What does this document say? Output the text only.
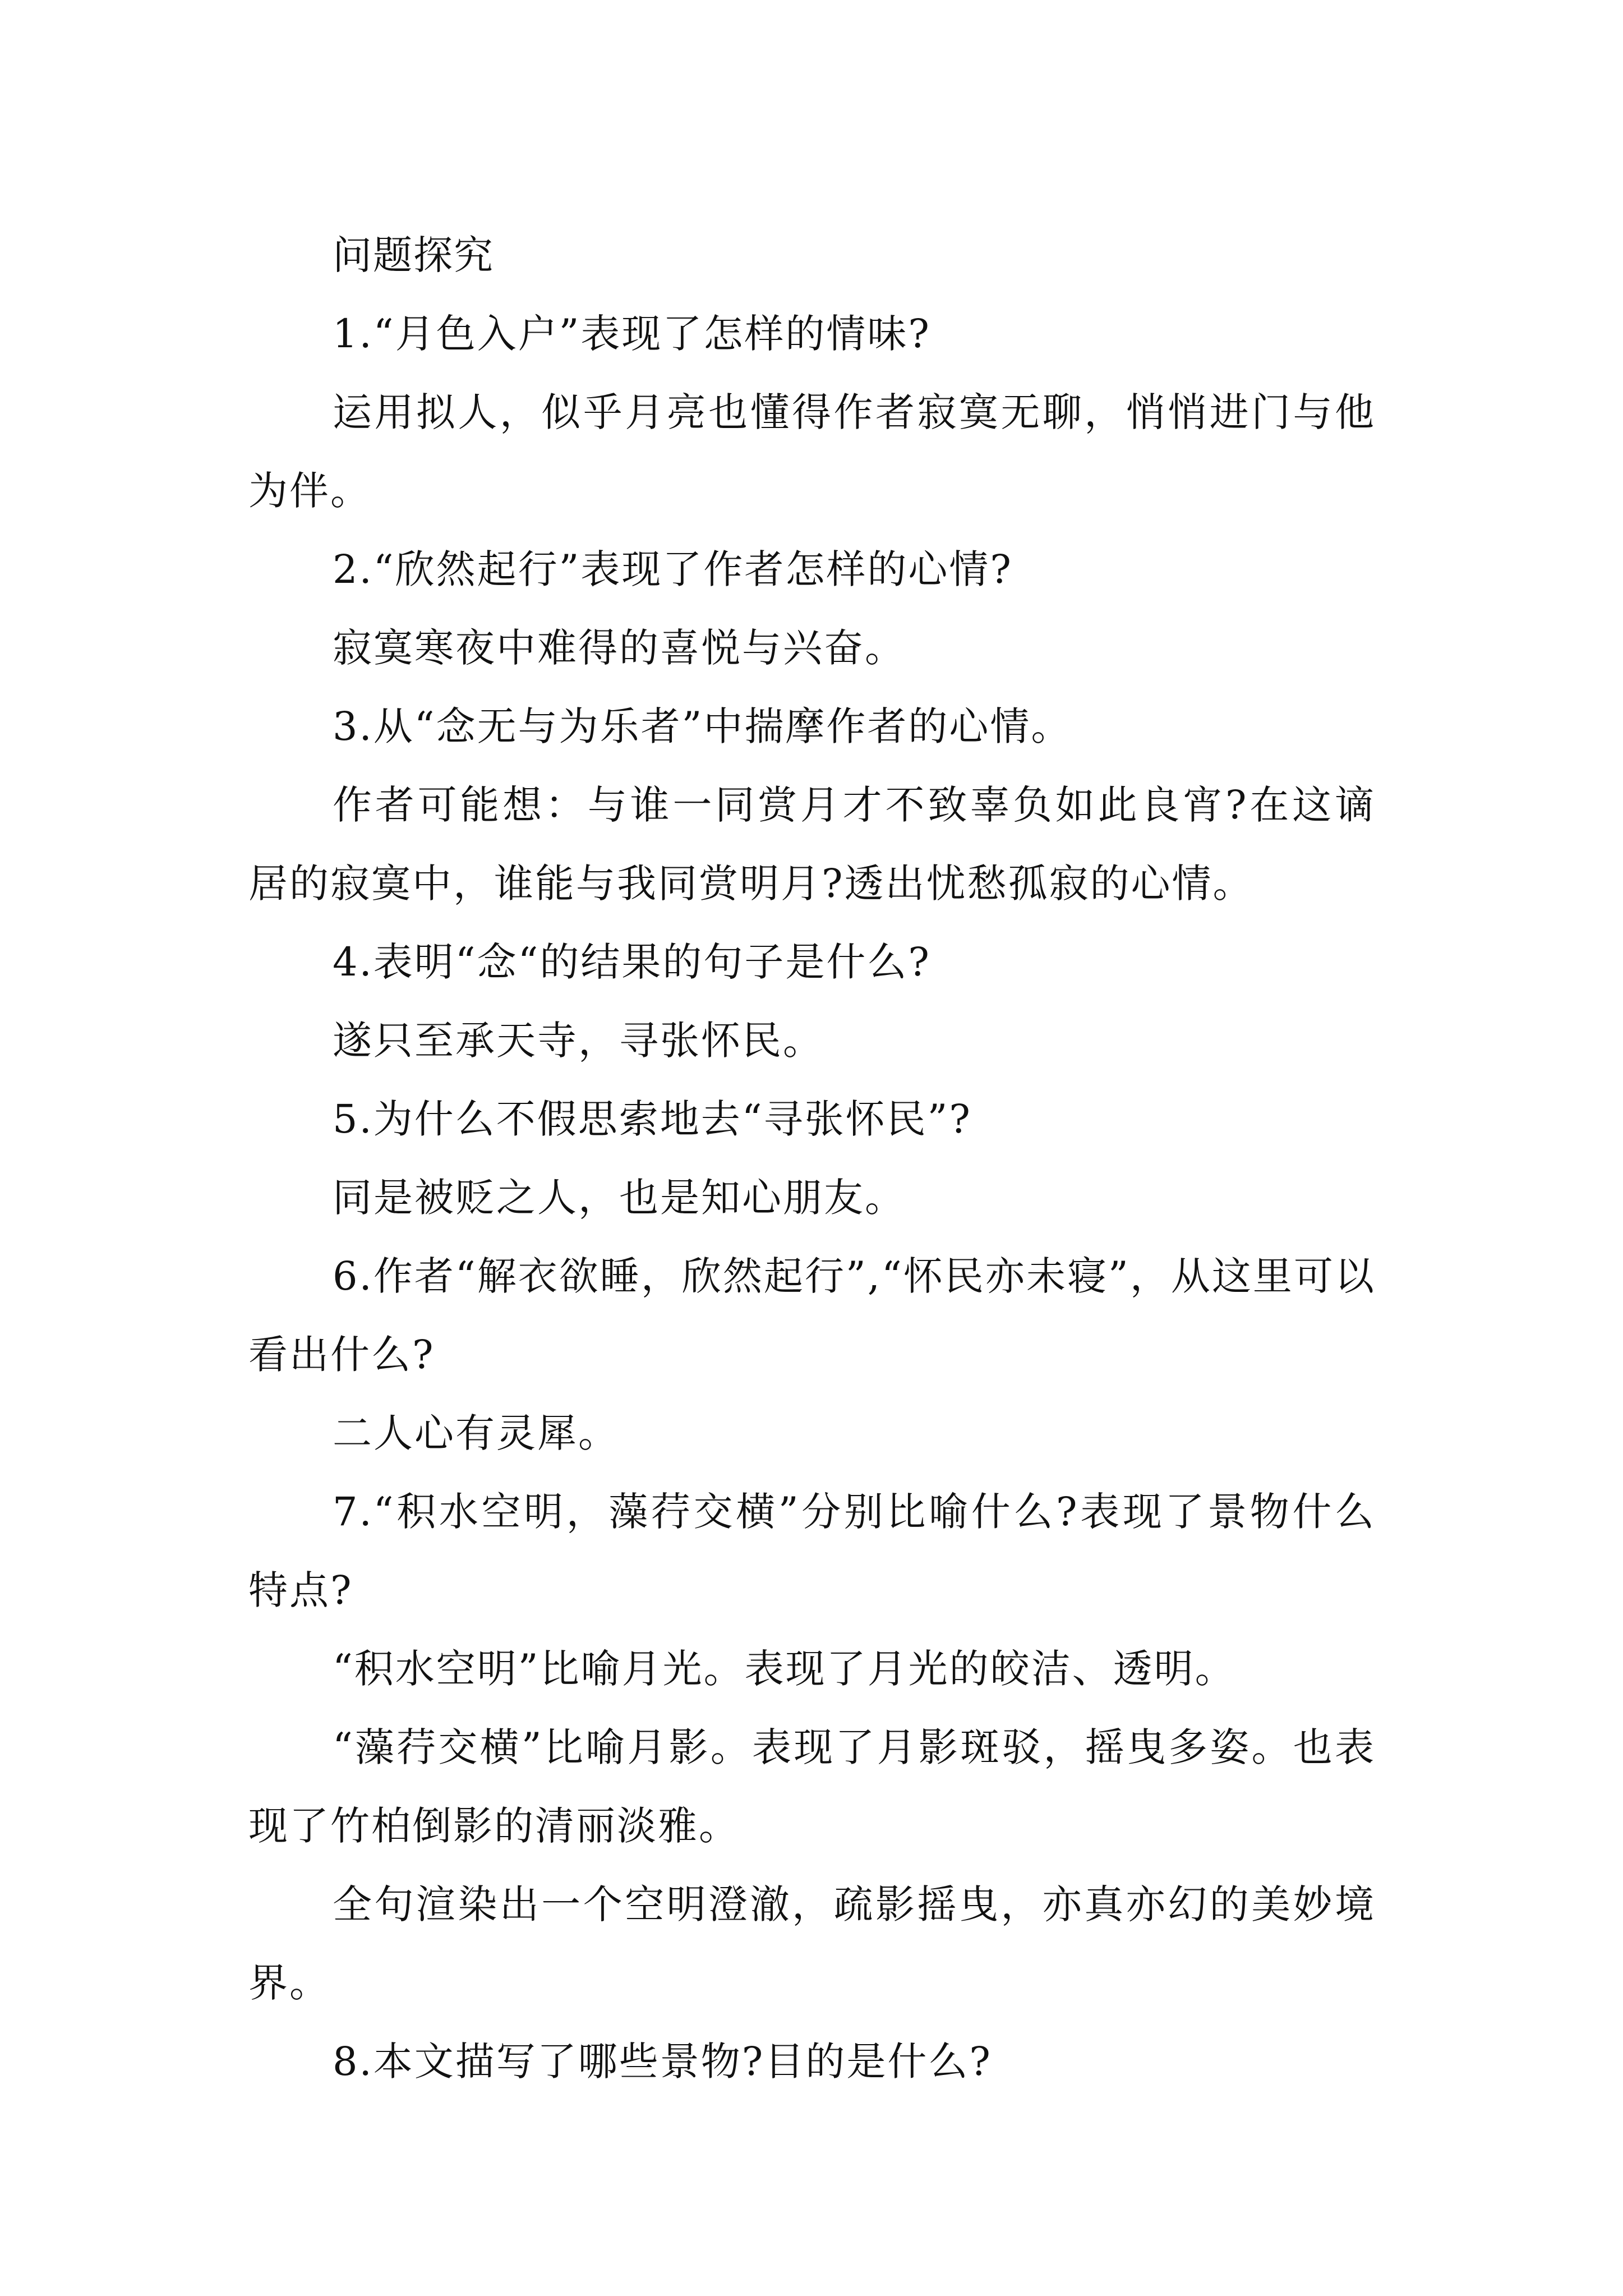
问题探究

1.“月色入户”表现了怎样的情味?

运用拟人，似乎月亮也懂得作者寂寞无聊，悄悄进门与他为伴。

2.“欣然起行”表现了作者怎样的心情?

寂寞寒夜中难得的喜悦与兴奋。

3.从“念无与为乐者”中揣摩作者的心情。

作者可能想：与谁一同赏月才不致辜负如此良宵?在这谪居的寂寞中，谁能与我同赏明月?透出忧愁孤寂的心情。

4.表明“念“的结果的句子是什么?

遂只至承天寺，寻张怀民。

5.为什么不假思索地去“寻张怀民”?

同是被贬之人，也是知心朋友。

6.作者“解衣欲睡，欣然起行”,“怀民亦未寝”，从这里可以看出什么?

二人心有灵犀。

7.“积水空明，藻荇交横”分别比喻什么?表现了景物什么特点?

“积水空明”比喻月光。表现了月光的皎洁、透明。

“藻荇交横”比喻月影。表现了月影斑驳，摇曳多姿。也表现了竹柏倒影的清丽淡雅。

全句渲染出一个空明澄澈，疏影摇曳，亦真亦幻的美妙境界。

8.本文描写了哪些景物?目的是什么?
